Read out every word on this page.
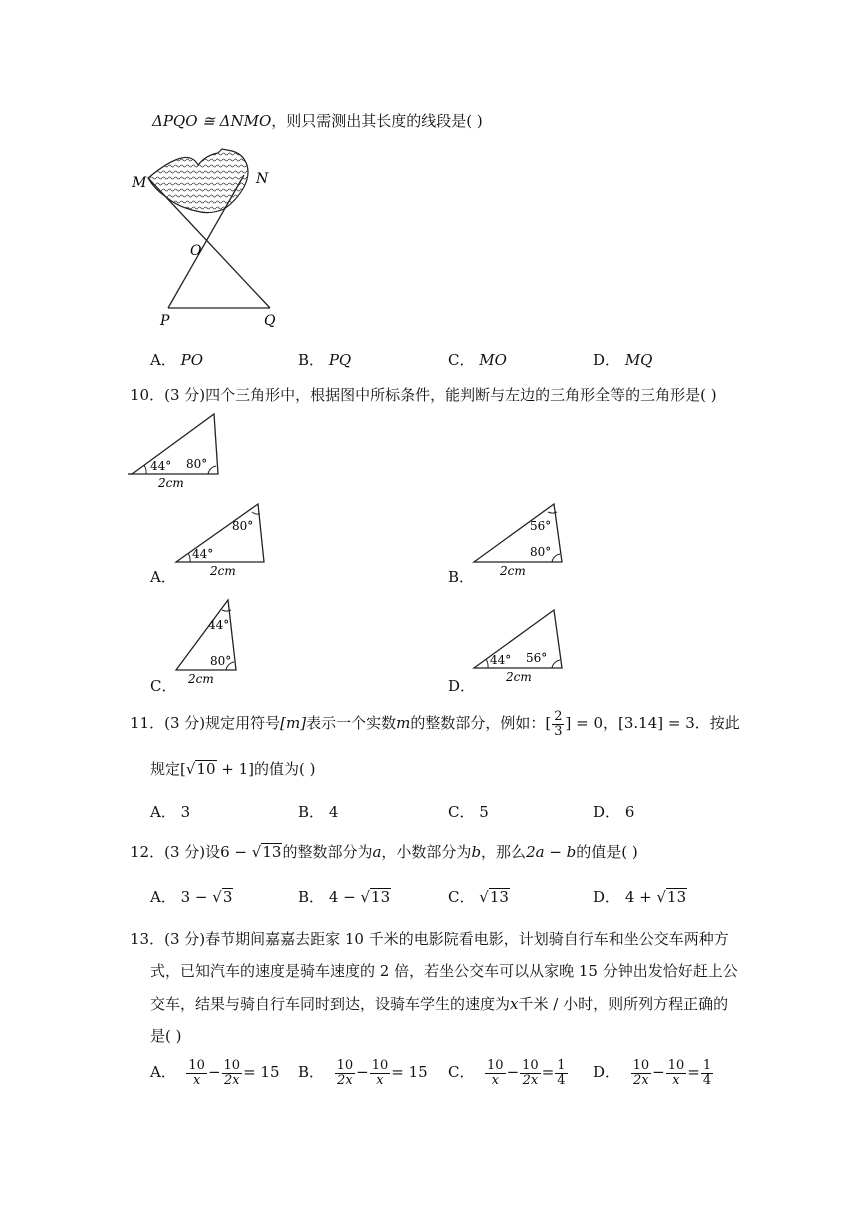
ΔPQO ≅ ΔNMO，则只需测出其长度的线段是( )
M	N
O
P	Q
A． PO	B． PQ	C． MO	D． MQ
10．(3 分)四个三角形中，根据图中所标条件，能判断与左边的三角形全等的三角形是( )
44° 80°
2cm
A．
80°
44°
2cm	B．
56°
80°
2cm
C．
44°
80°
2cm	D．
44° 56°
2cm
11．(3 分)规定用符号[m]表示一个实数m的整数部分，例如：[ $\frac{2}{3}$ ] = 0，[3.14] = 3．按此
规定[√10 + 1]的值为( )
A． 3	B． 4	C． 5	D． 6
12．(3 分)设6 − √13的整数部分为a，小数部分为b，那么2a − b的值是( )
A． 3 − √3	B． 4 − √13	C． √13	D． 4 + √13
13．(3 分)春节期间嘉嘉去距家 10 千米的电影院看电影，计划骑自行车和坐公交车两种方
式，已知汽车的速度是骑车速度的 2 倍，若坐公交车可以从家晚 15 分钟出发恰好赶上公
交车，结果与骑自行车同时到达，设骑车学生的速度为x千米 / 小时，则所列方程正确的
是( )
A． $\frac{10}{x} - \frac{10}{2x} = 15$ B． $\frac{10}{2x} - \frac{10}{x} = 15$ C． $\frac{10}{x} - \frac{10}{2x} = \frac{1}{4}$ D． $\frac{10}{2x} - \frac{10}{x} = \frac{1}{4}$
